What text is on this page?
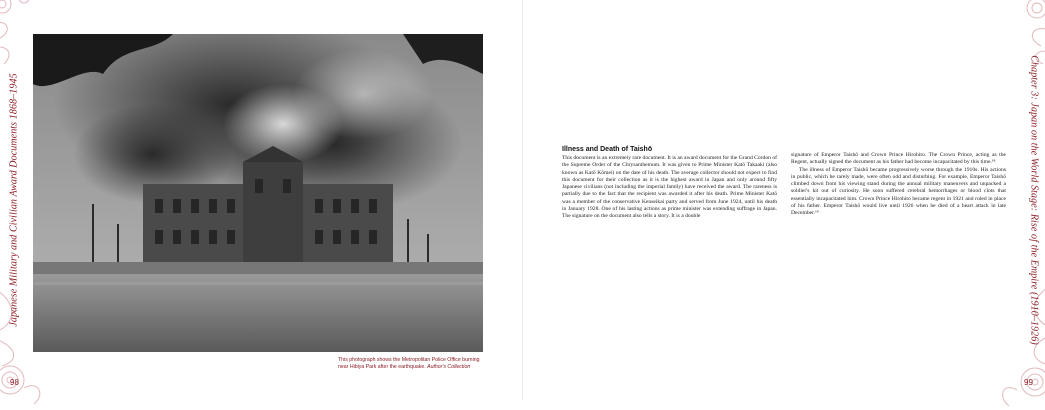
Japanese Military and Civilian Award Documents 1868–1945	Chapter 3: Japan on the World Stage: Rise of the Empire (1910–1926)
98	99
This photograph shows the Metropolitan Police Office burning near Hibiya Park after the earthquake. Author's Collection
Illness and Death of Taishō

This document is an extremely rare document. It is an award document for the Grand Cordon of the Supreme Order of the Chrysanthemum. It was given to Prime Minister Katō Takaaki (also known as Katō Kōmei) on the date of his death. The average collector should not expect to find this document for their collection as it is the highest award in Japan and only around fifty Japanese civilians (not including the imperial family) have received the award. The rareness is partially due to the fact that the recipient was awarded it after his death. Prime Minister Katō was a member of the conservative Kenseikai party and served from June 1924, until his death in January 1928. One of his lasting actions as prime minister was extending suffrage in Japan. The signature on the document also tells a story. It is a double

signature of Emperor Taishō and Crown Prince Hirohito. The Crown Prince, acting as the Regent, actually signed the document as his father had become incapacitated by this time.¹⁸

The illness of Emperor Taishō became progressively worse through the 1910s. His actions in public, which he rarely made, were often odd and disturbing. For example, Emperor Taishō climbed down from his viewing stand during the annual military maneuvers and unpacked a soldier's kit out of curiosity. He soon suffered cerebral hemorrhages or blood clots that essentially incapacitated him. Crown Prince Hirohito became regent in 1921 and ruled in place of his father. Emperor Taishō would live until 1926 when he died of a heart attack in late December.¹⁹
